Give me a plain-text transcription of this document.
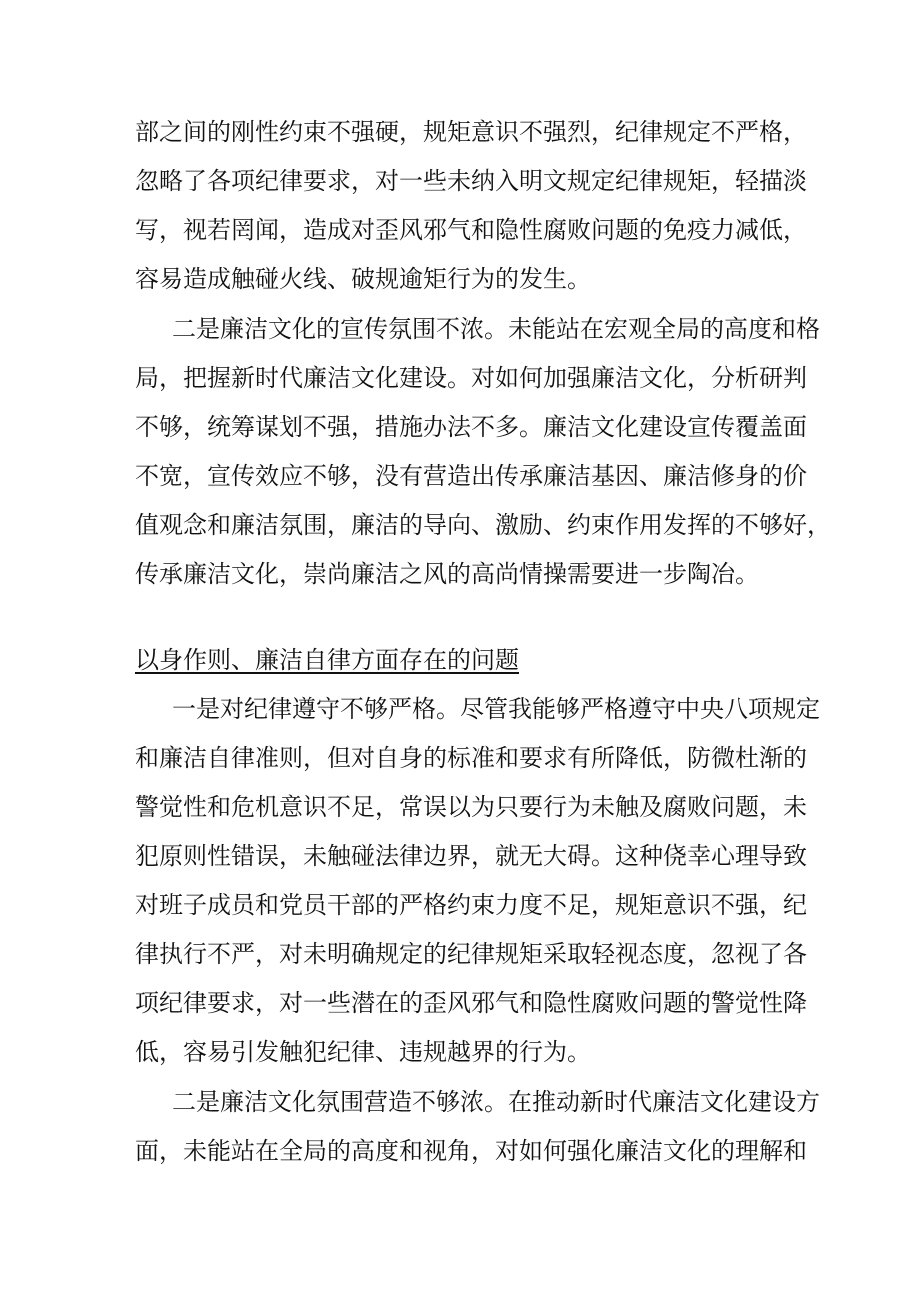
部之间的刚性约束不强硬，规矩意识不强烈，纪律规定不严格，
忽略了各项纪律要求，对一些未纳入明文规定纪律规矩，轻描淡
写，视若罔闻，造成对歪风邪气和隐性腐败问题的免疫力减低，
容易造成触碰火线、破规逾矩行为的发生。
二是廉洁文化的宣传氛围不浓。未能站在宏观全局的高度和格
局，把握新时代廉洁文化建设。对如何加强廉洁文化，分析研判
不够，统筹谋划不强，措施办法不多。廉洁文化建设宣传覆盖面
不宽，宣传效应不够，没有营造出传承廉洁基因、廉洁修身的价
值观念和廉洁氛围，廉洁的导向、激励、约束作用发挥的不够好，
传承廉洁文化，崇尚廉洁之风的高尚情操需要进一步陶冶。
以身作则、廉洁自律方面存在的问题
一是对纪律遵守不够严格。尽管我能够严格遵守中央八项规定
和廉洁自律准则，但对自身的标准和要求有所降低，防微杜渐的
警觉性和危机意识不足，常误以为只要行为未触及腐败问题，未
犯原则性错误，未触碰法律边界，就无大碍。这种侥幸心理导致
对班子成员和党员干部的严格约束力度不足，规矩意识不强，纪
律执行不严，对未明确规定的纪律规矩采取轻视态度，忽视了各
项纪律要求，对一些潜在的歪风邪气和隐性腐败问题的警觉性降
低，容易引发触犯纪律、违规越界的行为。
二是廉洁文化氛围营造不够浓。在推动新时代廉洁文化建设方
面，未能站在全局的高度和视角，对如何强化廉洁文化的理解和
